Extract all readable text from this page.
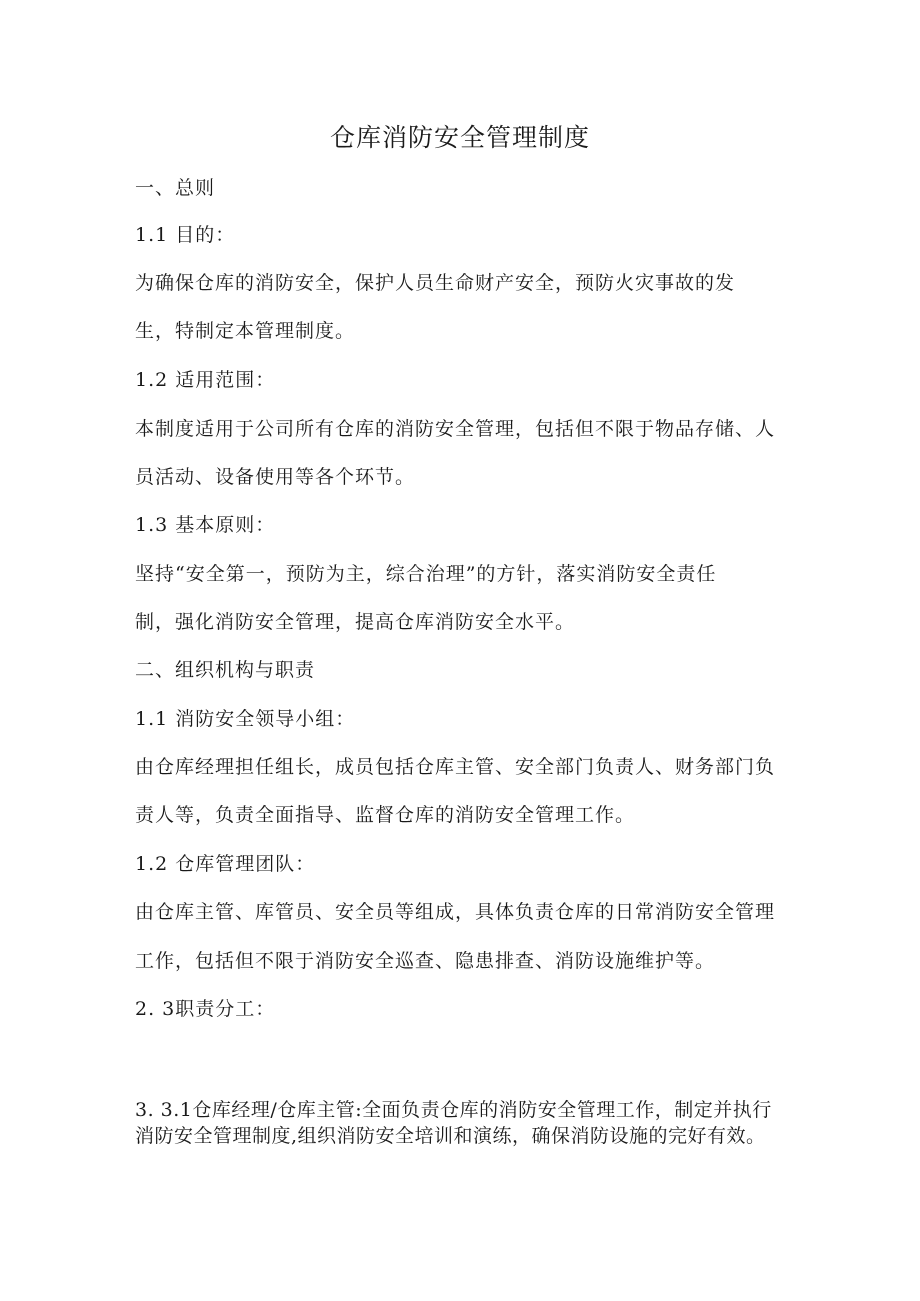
仓库消防安全管理制度
一、总则
1.1 目的：
为确保仓库的消防安全，保护人员生命财产安全，预防火灾事故的发
生，特制定本管理制度。
1.2 适用范围：
本制度适用于公司所有仓库的消防安全管理，包括但不限于物品存储、人
员活动、设备使用等各个环节。
1.3 基本原则：
坚持“安全第一，预防为主，综合治理”的方针，落实消防安全责任
制，强化消防安全管理，提高仓库消防安全水平。
二、组织机构与职责
1.1 消防安全领导小组：
由仓库经理担任组长，成员包括仓库主管、安全部门负责人、财务部门负
责人等，负责全面指导、监督仓库的消防安全管理工作。
1.2 仓库管理团队：
由仓库主管、库管员、安全员等组成，具体负责仓库的日常消防安全管理
工作，包括但不限于消防安全巡查、隐患排查、消防设施维护等。
2. 3职责分工：
3. 3.1仓库经理/仓库主管:全面负责仓库的消防安全管理工作，制定并执行消防安全管理制度,组织消防安全培训和演练，确保消防设施的完好有效。
